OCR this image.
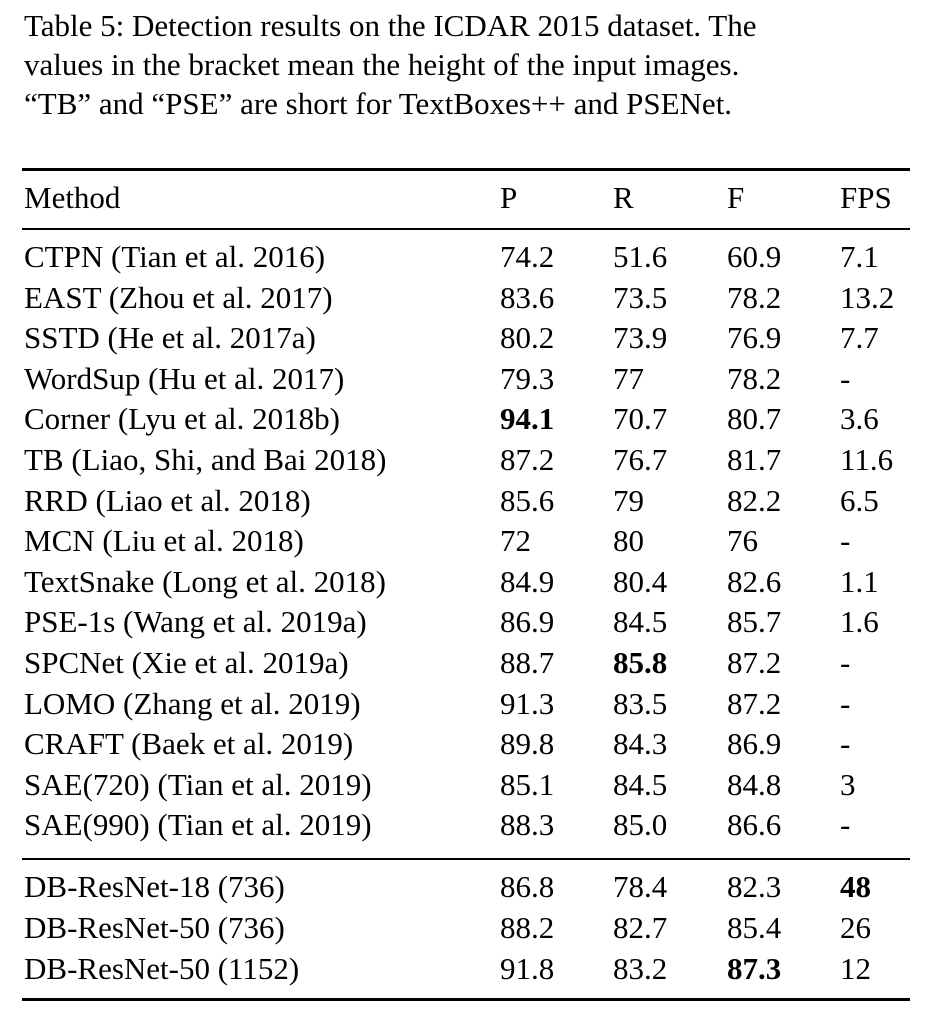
Table 5: Detection results on the ICDAR 2015 dataset. The
values in the bracket mean the height of the input images.
“TB” and “PSE” are short for TextBoxes++ and PSENet.
Method	P	R	F	FPS
CTPN (Tian et al. 2016)	74.2 51.6 60.9 7.1
EAST (Zhou et al. 2017)	83.6 73.5 78.2 13.2
SSTD (He et al. 2017a)	80.2 73.9 76.9 7.7
WordSup (Hu et al. 2017)	79.3 77	78.2 -
Corner (Lyu et al. 2018b)	94.1 70.7 80.7 3.6
TB (Liao, Shi, and Bai 2018)	87.2 76.7 81.7 11.6
RRD (Liao et al. 2018)	85.6 79	82.2 6.5
MCN (Liu et al. 2018)	72	80	76	-
TextSnake (Long et al. 2018)	84.9 80.4 82.6 1.1
PSE-1s (Wang et al. 2019a)	86.9 84.5 85.7 1.6
SPCNet (Xie et al. 2019a)	88.7 85.8 87.2 -
LOMO (Zhang et al. 2019)	91.3 83.5 87.2 -
CRAFT (Baek et al. 2019)	89.8 84.3 86.9 -
SAE(720) (Tian et al. 2019)	85.1 84.5 84.8 3
SAE(990) (Tian et al. 2019)	88.3 85.0 86.6 -
DB-ResNet-18 (736)	86.8 78.4 82.3 48
DB-ResNet-50 (736)	88.2 82.7 85.4 26
DB-ResNet-50 (1152)	91.8 83.2 87.3 12
